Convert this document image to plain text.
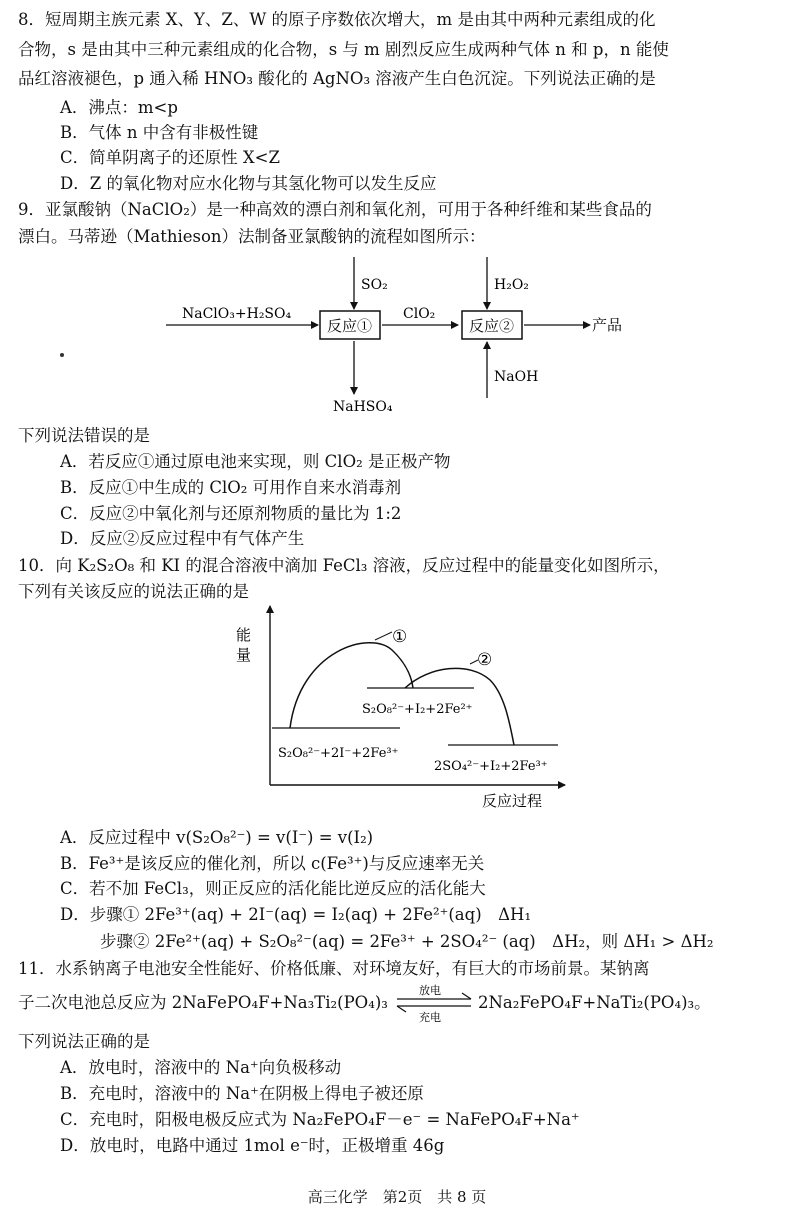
8．短周期主族元素 X、Y、Z、W 的原子序数依次增大，m 是由其中两种元素组成的化
合物，s 是由其中三种元素组成的化合物，s 与 m 剧烈反应生成两种气体 n 和 p，n 能使
品红溶液褪色，p 通入稀 HNO₃ 酸化的 AgNO₃ 溶液产生白色沉淀。下列说法正确的是
A．沸点：m<p
B．气体 n 中含有非极性键
C．简单阴离子的还原性 X<Z
D．Z 的氧化物对应水化物与其氢化物可以发生反应
9．亚氯酸钠（NaClO₂）是一种高效的漂白剂和氧化剂，可用于各种纤维和某些食品的
漂白。马蒂逊（Mathieson）法制备亚氯酸钠的流程如图所示：
NaClO₃+H₂SO₄
反应①
SO₂
NaHSO₄
ClO₂
反应②
H₂O₂
NaOH
产品
下列说法错误的是
A．若反应①通过原电池来实现，则 ClO₂ 是正极产物
B．反应①中生成的 ClO₂ 可用作自来水消毒剂
C．反应②中氧化剂与还原剂物质的量比为 1:2
D．反应②反应过程中有气体产生
10．向 K₂S₂O₈ 和 KI 的混合溶液中滴加 FeCl₃ 溶液，反应过程中的能量变化如图所示，
下列有关该反应的说法正确的是
能
量
反应过程
①
②
S₂O₈²⁻+I₂+2Fe²⁺
S₂O₈²⁻+2I⁻+2Fe³⁺
2SO₄²⁻+I₂+2Fe³⁺
A．反应过程中 v(S₂O₈²⁻) = v(I⁻) = v(I₂)
B．Fe³⁺是该反应的催化剂，所以 c(Fe³⁺)与反应速率无关
C．若不加 FeCl₃，则正反应的活化能比逆反应的活化能大
D．步骤① 2Fe³⁺(aq) + 2I⁻(aq) = I₂(aq) + 2Fe²⁺(aq)　ΔH₁
步骤② 2Fe²⁺(aq) + S₂O₈²⁻(aq) = 2Fe³⁺ + 2SO₄²⁻ (aq)　ΔH₂，则 ΔH₁ > ΔH₂
11．水系钠离子电池安全性能好、价格低廉、对环境友好，有巨大的市场前景。某钠离
子二次电池总反应为 2NaFePO₄F+Na₃Ti₂(PO₄)₃
放电
充电
2Na₂FePO₄F+NaTi₂(PO₄)₃。
下列说法正确的是
A．放电时，溶液中的 Na⁺向负极移动
B．充电时，溶液中的 Na⁺在阴极上得电子被还原
C．充电时，阳极电极反应式为 Na₂FePO₄F－e⁻ = NaFePO₄F+Na⁺
D．放电时，电路中通过 1mol e⁻时，正极增重 46g
高三化学　第2页　共 8 页
